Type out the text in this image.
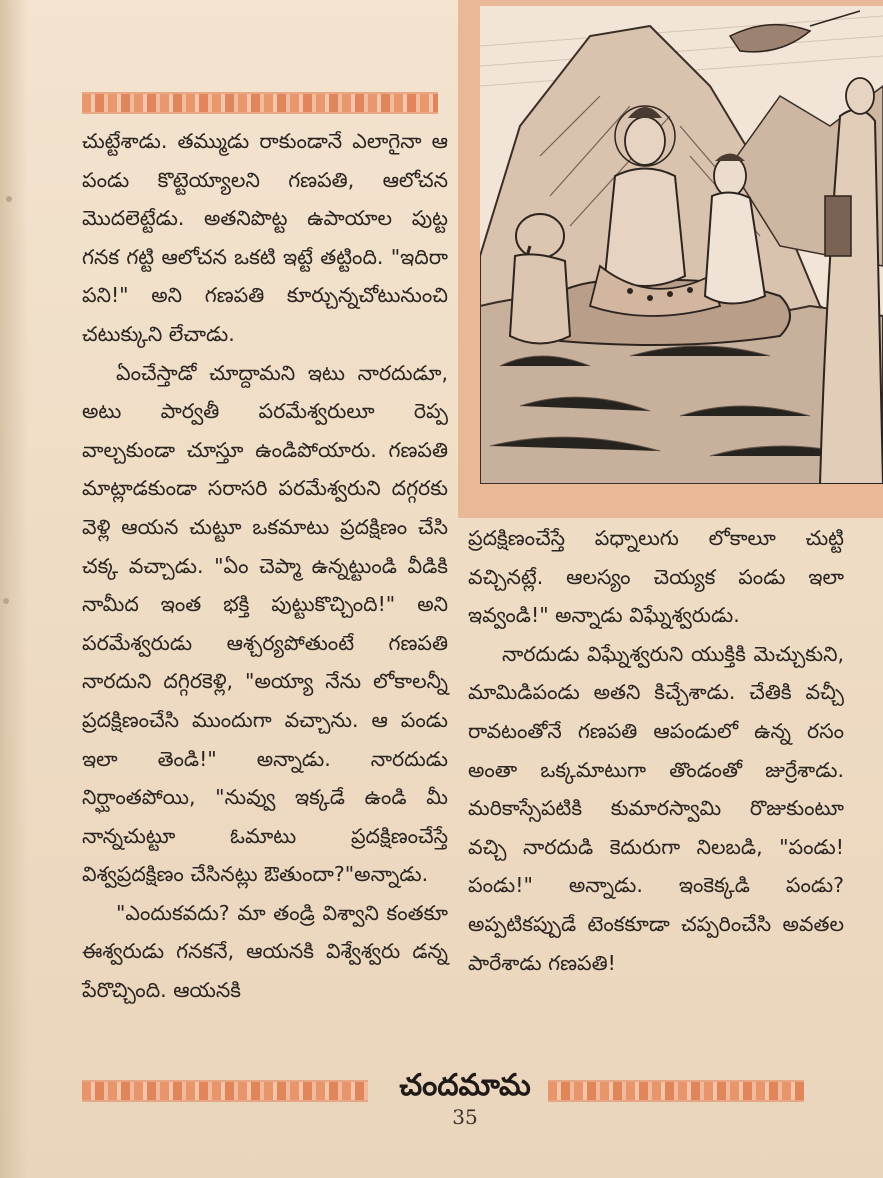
చుట్టేశాడు. తమ్ముడు రాకుండానే ఎలాగైనా ఆ పండు కొట్టెయ్యాలని గణపతి, ఆలోచన మొదలెట్టేడు. అతనిపొట్ట ఉపాయాల పుట్ట గనక గట్టి ఆలోచన ఒకటి ఇట్టే తట్టింది. "ఇదిరా పని!" అని గణపతి కూర్చున్నచోటునుంచి చటుక్కుని లేచాడు.

ఏంచేస్తాడో చూద్దామని ఇటు నారదుడూ, అటు పార్వతీ పరమేశ్వరులూ రెప్ప వాల్చకుండా చూస్తూ ఉండిపోయారు. గణపతి మాట్లాడకుండా సరాసరి పరమేశ్వరుని దగ్గరకు వెళ్లి ఆయన చుట్టూ ఒకమాటు ప్రదక్షిణం చేసి చక్క వచ్చాడు. "ఏం చెప్మా ఉన్నట్టుండి వీడికి నామీద ఇంత భక్తి పుట్టుకొచ్చింది!" అని పరమేశ్వరుడు ఆశ్చర్యపోతుంటే గణపతి నారదుని దగ్గిరకెళ్లి, "అయ్యా నేను లోకాలన్నీ ప్రదక్షిణంచేసి ముందుగా వచ్చాను. ఆ పండు ఇలా తెండి!" అన్నాడు. నారదుడు నిర్ఘాంతపోయి, "నువ్వు ఇక్కడే ఉండి మీ నాన్నచుట్టూ ఓమాటు ప్రదక్షిణంచేస్తే విశ్వప్రదక్షిణం చేసినట్లు ఔతుందా?"అన్నాడు.

"ఎందుకవదు? మా తండ్రి విశ్వాని కంతకూ ఈశ్వరుడు గనకనే, ఆయనకి విశ్వేశ్వరు డన్న పేరొచ్చింది. ఆయనకి

ప్రదక్షిణంచేస్తే పధ్నాలుగు లోకాలూ చుట్టి వచ్చినట్లే. ఆలస్యం చెయ్యక పండు ఇలా ఇవ్వండి!" అన్నాడు విఘ్నేశ్వరుడు.

నారదుడు విఘ్నేశ్వరుని యుక్తికి మెచ్చుకుని, మామిడిపండు అతని కిచ్చేశాడు. చేతికి వచ్చీ రావటంతోనే గణపతి ఆపండులో ఉన్న రసం అంతా ఒక్కమాటుగా తొండంతో జుర్రేశాడు. మరికాస్సేపటికి కుమారస్వామి రొజుకుంటూ వచ్చి నారదుడి కెదురుగా నిలబడి, "పండు! పండు!" అన్నాడు. ఇంకెక్కడి పండు? అప్పటికప్పుడే టెంకకూడా చప్పరించేసి అవతల పారేశాడు గణపతి!

చందమామ
35
